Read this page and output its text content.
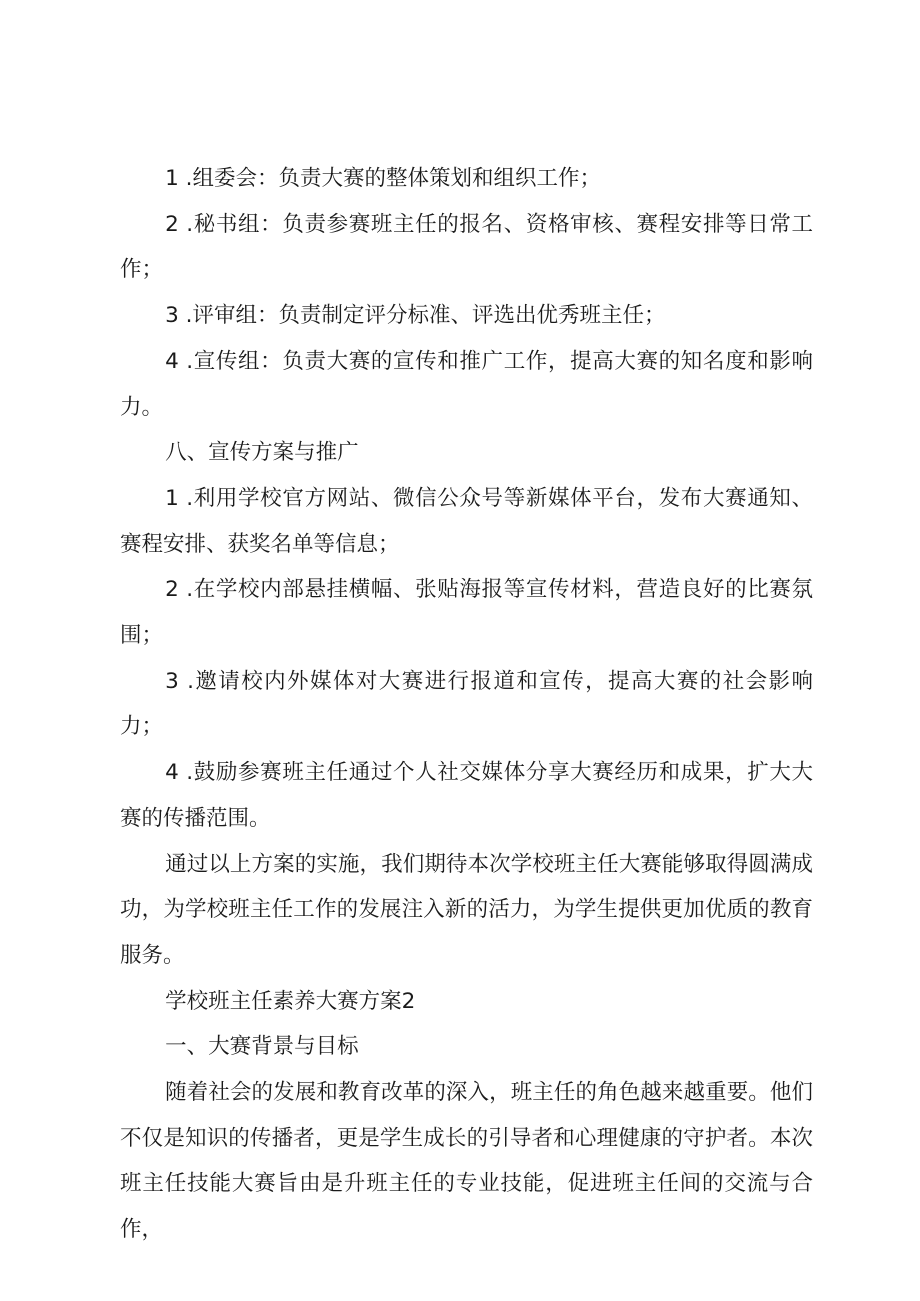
1 .组委会：负责大赛的整体策划和组织工作；

2 .秘书组：负责参赛班主任的报名、资格审核、赛程安排等日常工作；

3 .评审组：负责制定评分标准、评选出优秀班主任；

4 .宣传组：负责大赛的宣传和推广工作，提高大赛的知名度和影响力。

八、宣传方案与推广

1 .利用学校官方网站、微信公众号等新媒体平台，发布大赛通知、赛程安排、获奖名单等信息；

2 .在学校内部悬挂横幅、张贴海报等宣传材料，营造良好的比赛氛围；

3 .邀请校内外媒体对大赛进行报道和宣传，提高大赛的社会影响力；

4 .鼓励参赛班主任通过个人社交媒体分享大赛经历和成果，扩大大赛的传播范围。

通过以上方案的实施，我们期待本次学校班主任大赛能够取得圆满成功，为学校班主任工作的发展注入新的活力，为学生提供更加优质的教育服务。

学校班主任素养大赛方案2

一、大赛背景与目标

随着社会的发展和教育改革的深入，班主任的角色越来越重要。他们不仅是知识的传播者，更是学生成长的引导者和心理健康的守护者。本次班主任技能大赛旨由是升班主任的专业技能，促进班主任间的交流与合作，
